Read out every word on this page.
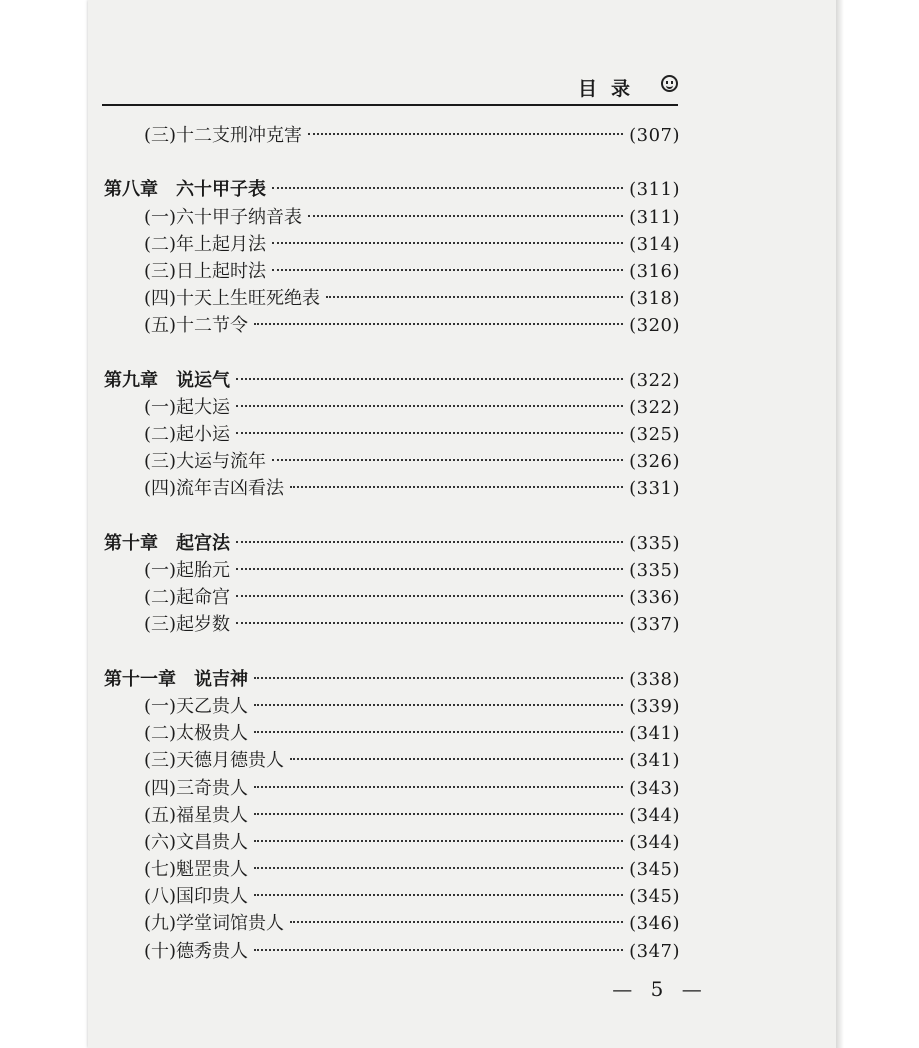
目录
(三)十二支刑冲克害	(307)
第八章 六十甲子表	(311)
(一)六十甲子纳音表	(311)
(二)年上起月法	(314)
(三)日上起时法	(316)
(四)十天上生旺死绝表	(318)
(五)十二节令	(320)
第九章 说运气	(322)
(一)起大运	(322)
(二)起小运	(325)
(三)大运与流年	(326)
(四)流年吉凶看法	(331)
第十章 起宫法	(335)
(一)起胎元	(335)
(二)起命宫	(336)
(三)起岁数	(337)
第十一章 说吉神	(338)
(一)天乙贵人	(339)
(二)太极贵人	(341)
(三)天德月德贵人	(341)
(四)三奇贵人	(343)
(五)福星贵人	(344)
(六)文昌贵人	(344)
(七)魁罡贵人	(345)
(八)国印贵人	(345)
(九)学堂词馆贵人	(346)
(十)德秀贵人	(347)
— 5 —
